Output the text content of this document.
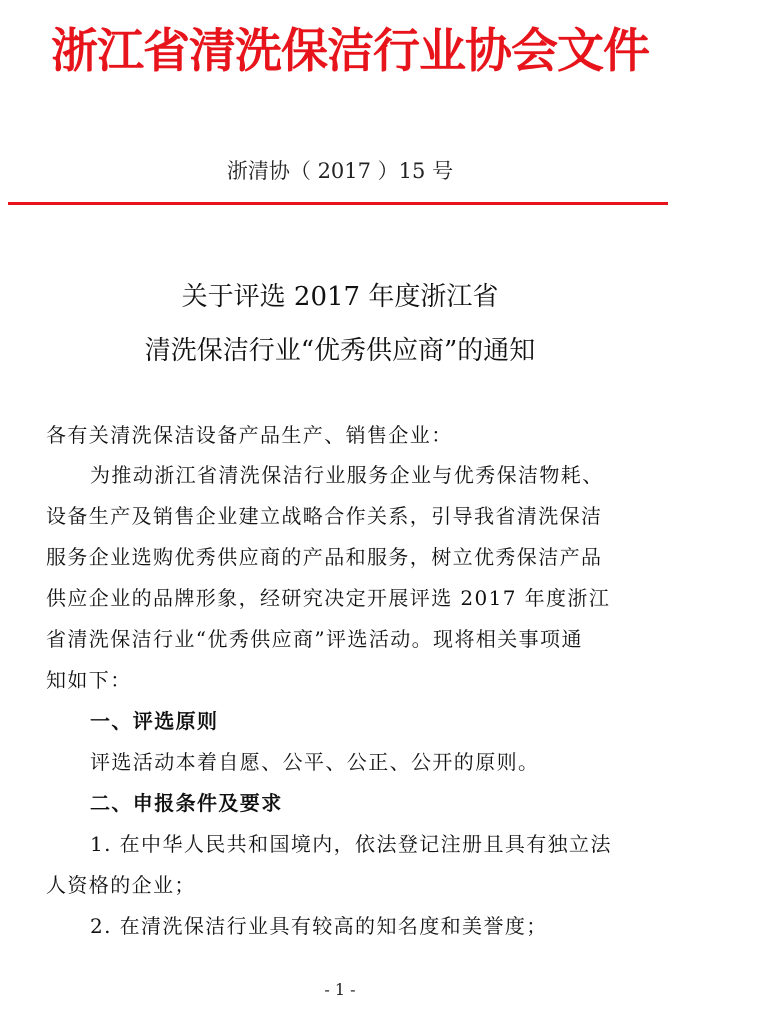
浙江省清洗保洁行业协会文件
浙清协（ 2017 ）15 号
关于评选 2017 年度浙江省
清洗保洁行业“优秀供应商”的通知
各有关清洗保洁设备产品生产、销售企业：
为推动浙江省清洗保洁行业服务企业与优秀保洁物耗、
设备生产及销售企业建立战略合作关系，引导我省清洗保洁
服务企业选购优秀供应商的产品和服务，树立优秀保洁产品
供应企业的品牌形象，经研究决定开展评选 2017 年度浙江
省清洗保洁行业“优秀供应商”评选活动。现将相关事项通
知如下：
一、评选原则
评选活动本着自愿、公平、公正、公开的原则。
二、申报条件及要求
1. 在中华人民共和国境内，依法登记注册且具有独立法
人资格的企业；
2. 在清洗保洁行业具有较高的知名度和美誉度；
- 1 -
